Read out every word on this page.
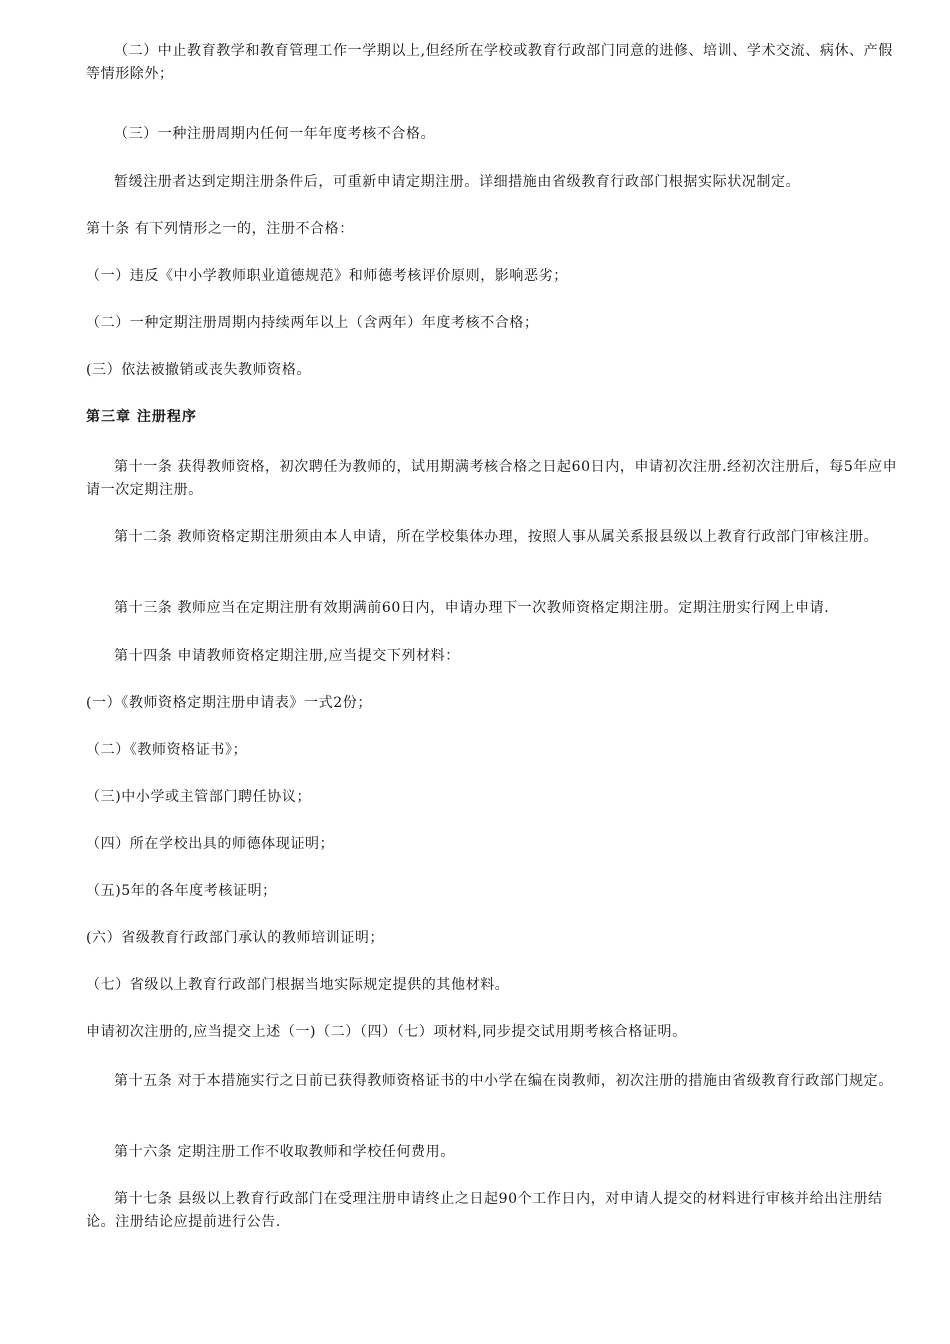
（二）中止教育教学和教育管理工作一学期以上,但经所在学校或教育行政部门同意的进修、培训、学术交流、病休、产假等情形除外；

（三）一种注册周期内任何一年年度考核不合格。

暂缓注册者达到定期注册条件后，可重新申请定期注册。详细措施由省级教育行政部门根据实际状况制定。

第十条 有下列情形之一的，注册不合格：

（一）违反《中小学教师职业道德规范》和师德考核评价原则，影响恶劣；

（二）一种定期注册周期内持续两年以上（含两年）年度考核不合格；

(三）依法被撤销或丧失教师资格。

第三章 注册程序

第十一条 获得教师资格，初次聘任为教师的，试用期满考核合格之日起60日内，申请初次注册.经初次注册后，每5年应申请一次定期注册。

第十二条 教师资格定期注册须由本人申请，所在学校集体办理，按照人事从属关系报县级以上教育行政部门审核注册。

第十三条 教师应当在定期注册有效期满前60日内，申请办理下一次教师资格定期注册。定期注册实行网上申请.

第十四条 申请教师资格定期注册,应当提交下列材料：

(一）《教师资格定期注册申请表》一式2份；

（二）《教师资格证书》；

（三)中小学或主管部门聘任协议；

（四）所在学校出具的师德体现证明；

（五)5年的各年度考核证明；

(六）省级教育行政部门承认的教师培训证明；

（七）省级以上教育行政部门根据当地实际规定提供的其他材料。

申请初次注册的,应当提交上述（一)（二）（四）（七）项材料,同步提交试用期考核合格证明。

第十五条 对于本措施实行之日前已获得教师资格证书的中小学在编在岗教师，初次注册的措施由省级教育行政部门规定。

第十六条 定期注册工作不收取教师和学校任何费用。

第十七条 县级以上教育行政部门在受理注册申请终止之日起90个工作日内，对申请人提交的材料进行审核并给出注册结论。注册结论应提前进行公告.
